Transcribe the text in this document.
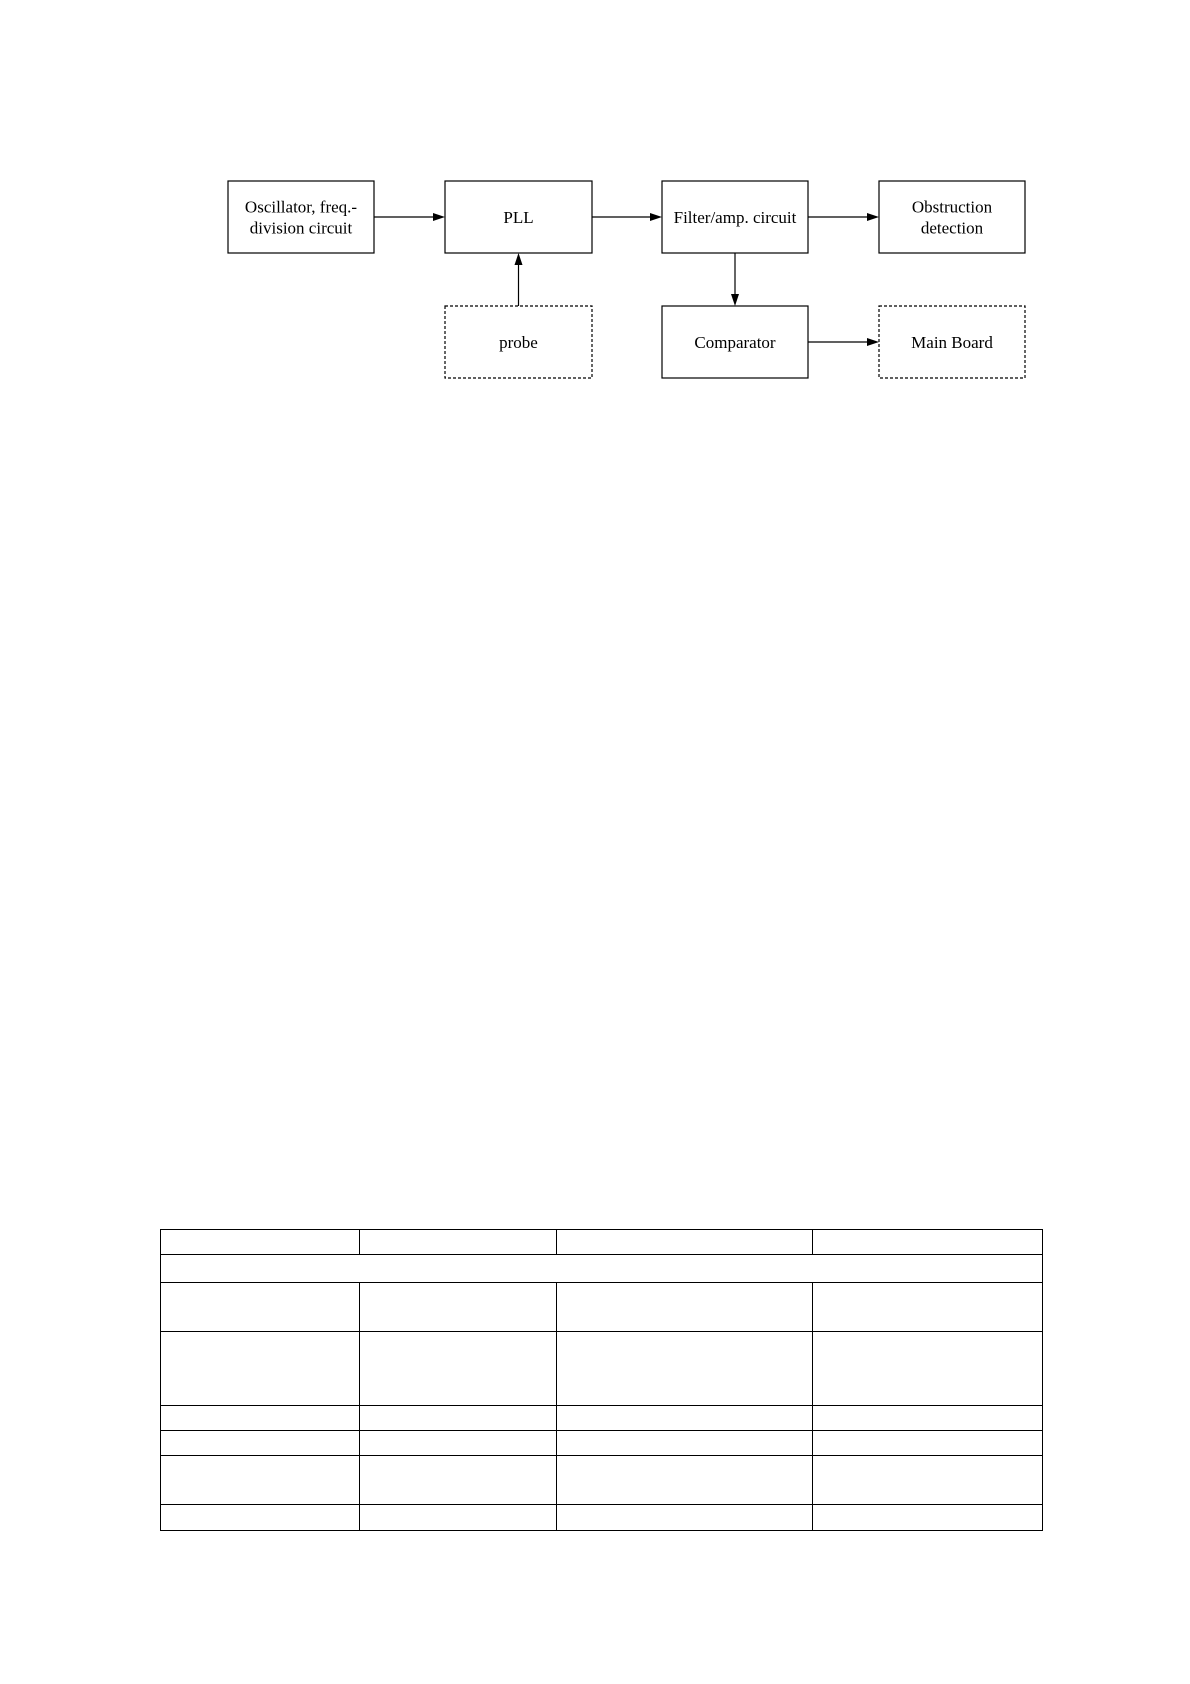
Oscillator, freq.-
division circuit
PLL	Filter/amp. circuit
Obstruction
detection
probe	Comparator	Main Board
